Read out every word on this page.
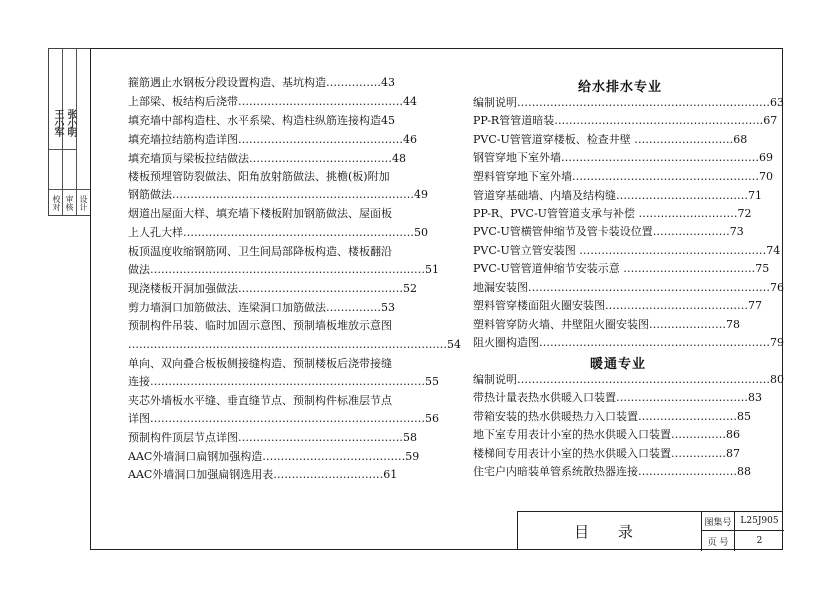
王小军 张小明
校对 审核 设计
箍筋遇止水钢板分段设置构造、基坑构造……………43
上部梁、板结构后浇带………………………………………44
填充墙中部构造柱、水平系梁、构造柱纵筋连接构造45
填充墙拉结筋构造详图………………………………………46
填充墙顶与梁板拉结做法…………………………………48
楼板预埋管防裂做法、阳角放射筋做法、挑檐(板)附加
钢筋做法…………………………………………………………49
烟道出屋面大样、填充墙下楼板附加钢筋做法、屋面板
上人孔大样………………………………………………………50
板顶温度收缩钢筋网、卫生间局部降板构造、楼板翻沿
做法…………………………………………………………………51
现浇楼板开洞加强做法………………………………………52
剪力墙洞口加筋做法、连梁洞口加筋做法……………53
预制构件吊装、临时加固示意图、预制墙板堆放示意图
……………………………………………………………………………54
单向、双向叠合板板侧接缝构造、预制楼板后浇带接缝
连接…………………………………………………………………55
夹芯外墙板水平缝、垂直缝节点、预制构件标准层节点
详图…………………………………………………………………56
预制构件顶层节点详图………………………………………58
AAC外墙洞口扁钢加强构造…………………………………59
AAC外墙洞口加强扁钢选用表…………………………61
给水排水专业
编制说明……………………………………………………………63
PP-R管管道暗装…………………………………………………67
PVC-U管管道穿楼板、检查井壁 ………………………68
钢管穿地下室外墙………………………………………………69
塑料管穿地下室外墙……………………………………………70
管道穿基础墙、内墙及结构缝………………………………71
PP-R、PVC-U管管道支承与补偿 ………………………72
PVC-U管横管伸缩节及管卡装设位置…………………73
PVC-U管立管安装图 ……………………………………………74
PVC-U管管道伸缩节安装示意 ………………………………75
地漏安装图…………………………………………………………76
塑料管穿楼面阻火圈安装图…………………………………77
塑料管穿防火墙、井壁阻火圈安装图…………………78
阻火圈构造图………………………………………………………79
暖通专业
编制说明……………………………………………………………80
带热计量表热水供暖入口装置………………………………83
带箱安装的热水供暖热力入口装置………………………85
地下室专用表计小室的热水供暖入口装置……………86
楼梯间专用表计小室的热水供暖入口装置……………87
住宅户内暗装单管系统散热器连接………………………88
目 录
图集号 L25J905
页 号	2
